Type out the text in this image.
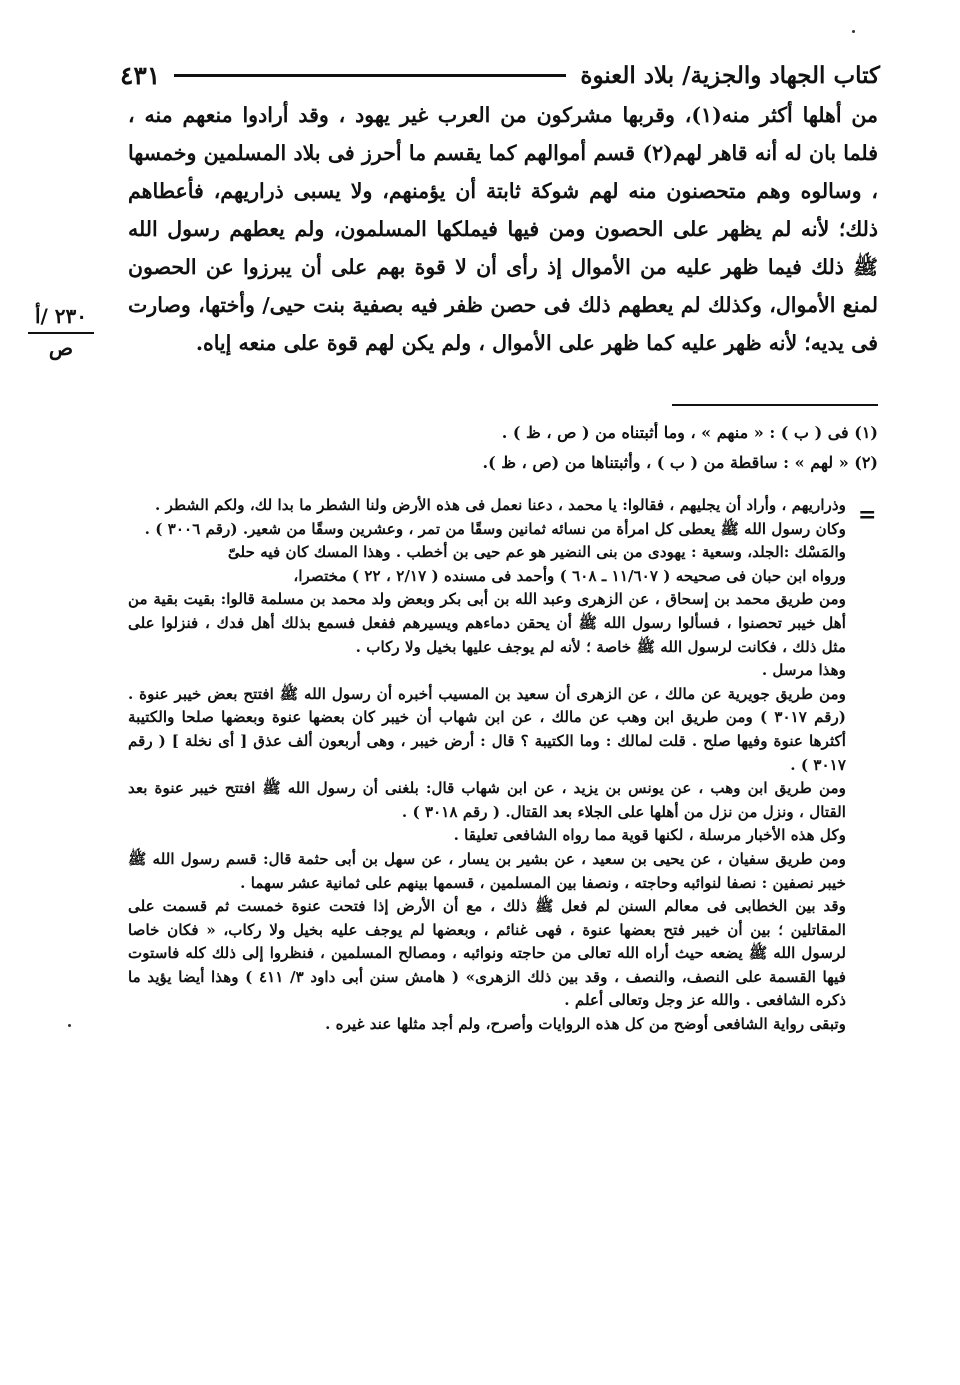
كتاب الجهاد والجزية/ بلاد العنوة
٤٣١

من أهلها أكثر منه(١)، وقربها مشركون من العرب غير يهود ، وقد أرادوا منعهم منه ، فلما بان له أنه قاهر لهم(٢) قسم أموالهم كما يقسم ما أحرز فى بلاد المسلمين وخمسها ، وسالوه وهم متحصنون منه لهم شوكة ثابتة أن يؤمنهم، ولا يسبى ذراريهم، فأعطاهم ذلك؛ لأنه لم يظهر على الحصون ومن فيها فيملكها المسلمون، ولم يعطهم رسول الله ﷺ ذلك فيما ظهر عليه من الأموال إذ رأى أن لا قوة بهم على أن يبرزوا عن الحصون لمنع الأموال، وكذلك لم يعطهم ذلك فى حصن ظفر فيه بصفية بنت حيى/ وأختها، وصارت فى يديه؛ لأنه ظهر عليه كما ظهر على الأموال ، ولم يكن لهم قوة على منعه إياه.

٢٣٠ /أ
ص

(١) فى ( ب ) : « منهم » ، وما أثبتناه من ( ص ، ظ ) .

(٢) « لهم » : ساقطة من ( ب ) ، وأثبتناها من (ص ، ظ ).

=

وذراريهم ، وأراد أن يجليهم ، فقالوا: يا محمد ، دعنا نعمل فى هذه الأرض ولنا الشطر ما بدا لك، ولكم الشطر .

وكان رسول الله ﷺ يعطى كل امرأة من نسائه ثمانين وسقًا من تمر ، وعشرين وسقًا من شعير. (رقم ٣٠٠٦ ) .

والمَسْك :الجلد، وسعية : يهودى من بنى النضير هو عم حيى بن أخطب . وهذا المسك كان فيه حلىّ

ورواه ابن حبان فى صحيحه ( ١١/٦٠٧ ـ ٦٠٨ ) وأحمد فى مسنده ( ٢/١٧ ، ٢٢ ) مختصرا،

ومن طريق محمد بن إسحاق ، عن الزهرى وعبد الله بن أبى بكر وبعض ولد محمد بن مسلمة قالوا: بقيت بقية من أهل خيبر تحصنوا ، فسألوا رسول الله ﷺ أن يحقن دماءهم ويسيرهم ففعل فسمع بذلك أهل فدك ، فنزلوا على مثل ذلك ، فكانت لرسول الله ﷺ خاصة ؛ لأنه لم يوجف عليها بخيل ولا ركاب .

وهذا مرسل .

ومن طريق جويرية عن مالك ، عن الزهرى أن سعيد بن المسيب أخبره أن رسول الله ﷺ افتتح بعض خيبر عنوة . (رقم ٣٠١٧ ) ومن طريق ابن وهب عن مالك ، عن ابن شهاب أن خيبر كان بعضها عنوة وبعضها صلحا والكتيبة أكثرها عنوة وفيها صلح . قلت لمالك : وما الكتيبة ؟ قال : أرض خيبر ، وهى أربعون ألف عذق [ أى نخلة ] ( رقم ٣٠١٧ ) .

ومن طريق ابن وهب ، عن يونس بن يزيد ، عن ابن شهاب قال: بلغنى أن رسول الله ﷺ افتتح خيبر عنوة بعد القتال ، ونزل من نزل من أهلها على الجلاء بعد القتال. ( رقم ٣٠١٨ ) .

وكل هذه الأخبار مرسلة ، لكنها قوية مما رواه الشافعى تعليقا .

ومن طريق سفيان ، عن يحيى بن سعيد ، عن بشير بن يسار ، عن سهل بن أبى حثمة قال: قسم رسول الله ﷺ خيبر نصفين : نصفا لنوائبه وحاجته ، ونصفا بين المسلمين ، قسمها بينهم على ثمانية عشر سهما .

وقد بين الخطابى فى معالم السنن لم فعل ﷺ ذلك ، مع أن الأرض إذا فتحت عنوة خمست ثم قسمت على المقاتلين ؛ بين أن خيبر فتح بعضها عنوة ، فهى غنائم ، وبعضها لم يوجف عليه بخيل ولا ركاب، « فكان خاصا لرسول الله ﷺ يضعه حيث أراه الله تعالى من حاجته ونوائبه ، ومصالح المسلمين ، فنظروا إلى ذلك كله فاستوت فيها القسمة على النصف، والنصف ، وقد بين ذلك الزهرى» ( هامش سنن أبى داود ٣/ ٤١١ ) وهذا أيضا يؤيد ما ذكره الشافعى . والله عز وجل وتعالى أعلم .

وتبقى رواية الشافعى أوضح من كل هذه الروايات وأصرح، ولم أجد مثلها عند غيره .
